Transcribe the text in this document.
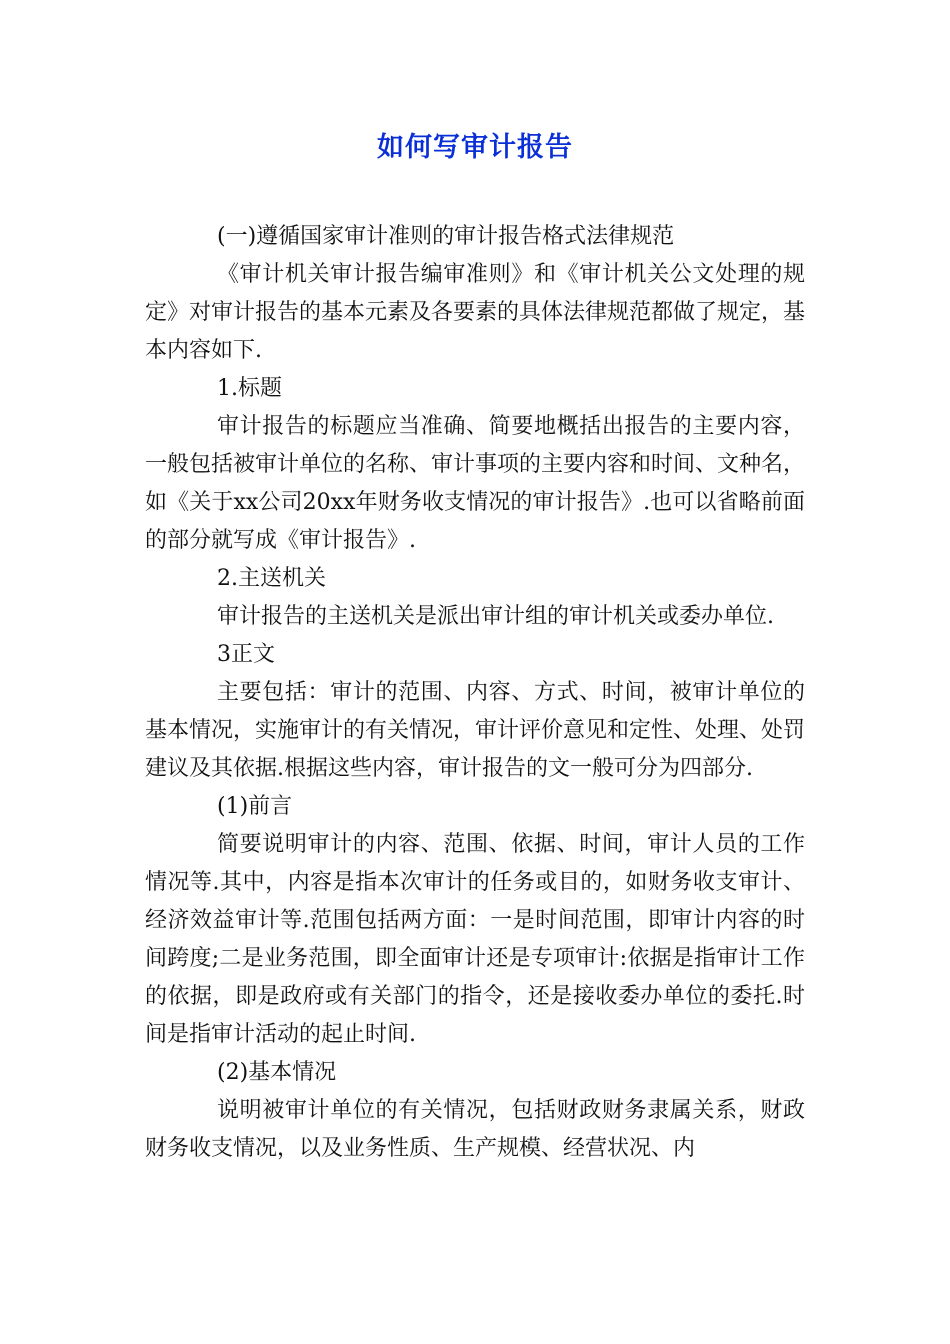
如何写审计报告

(一)遵循国家审计准则的审计报告格式法律规范

《审计机关审计报告编审准则》和《审计机关公文处理的规定》对审计报告的基本元素及各要素的具体法律规范都做了规定，基本内容如下.

1.标题

审计报告的标题应当准确、简要地概括出报告的主要内容，一般包括被审计单位的名称、审计事项的主要内容和时间、文种名，如《关于xx公司20xx年财务收支情况的审计报告》.也可以省略前面的部分就写成《审计报告》.

2.主送机关

审计报告的主送机关是派出审计组的审计机关或委办单位.

3正文

主要包括：审计的范围、内容、方式、时间，被审计单位的基本情况，实施审计的有关情况，审计评价意见和定性、处理、处罚建议及其依据.根据这些内容，审计报告的文一般可分为四部分.

(1)前言

简要说明审计的内容、范围、依据、时间，审计人员的工作情况等.其中，内容是指本次审计的任务或目的，如财务收支审计、经济效益审计等.范围包括两方面：一是时间范围，即审计内容的时间跨度;二是业务范围，即全面审计还是专项审计:依据是指审计工作的依据，即是政府或有关部门的指令，还是接收委办单位的委托.时间是指审计活动的起止时间.

(2)基本情况

说明被审计单位的有关情况，包括财政财务隶属关系，财政财务收支情况，以及业务性质、生产规模、经营状况、内
